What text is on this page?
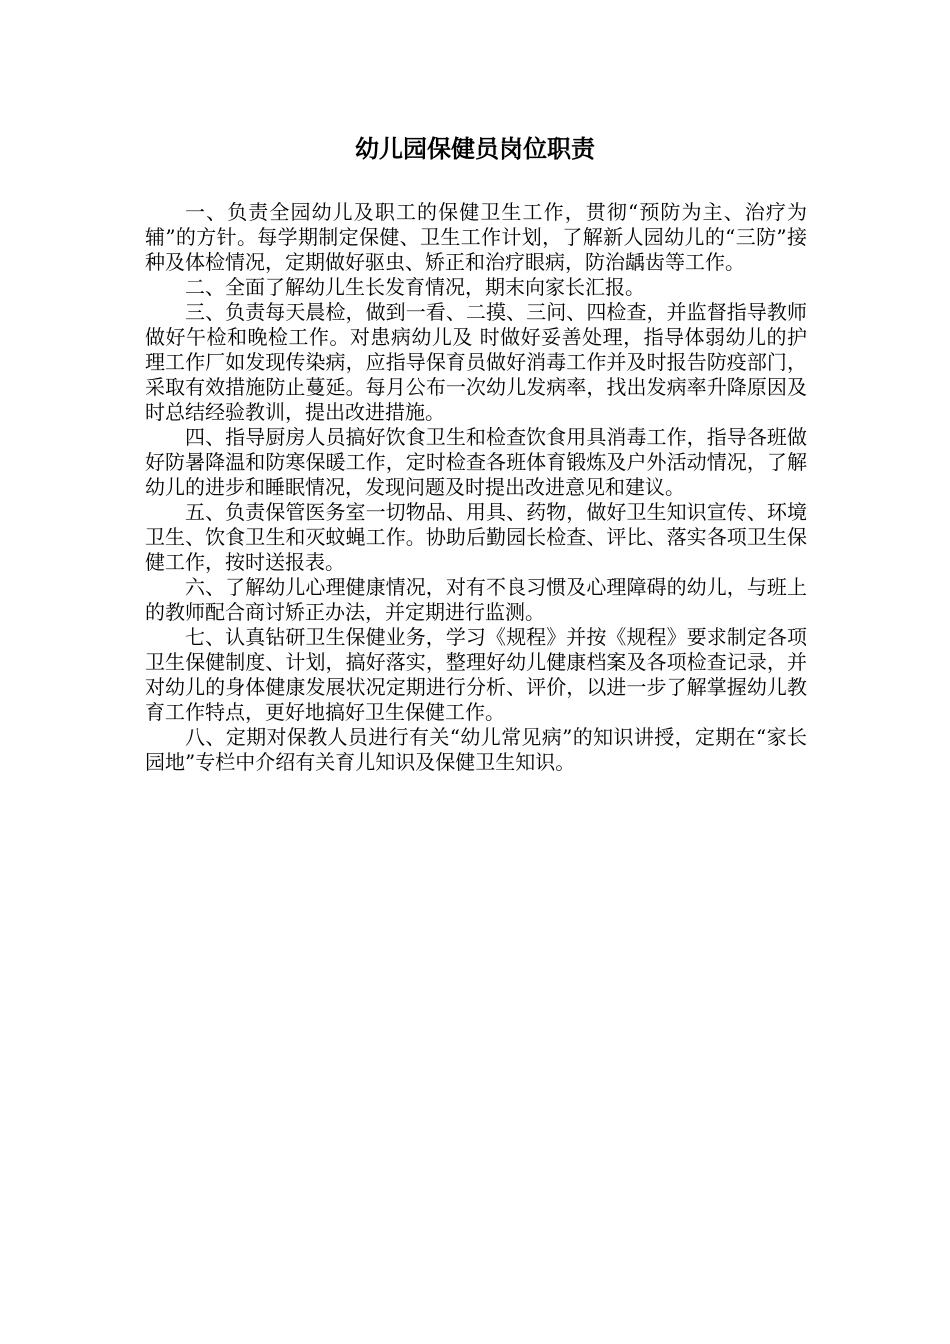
幼儿园保健员岗位职责

一、负责全园幼儿及职工的保健卫生工作，贯彻“预防为主、治疗为辅”的方针。每学期制定保健、卫生工作计划，了解新人园幼儿的“三防”接种及体检情况，定期做好驱虫、矫正和治疗眼病，防治龋齿等工作。

二、全面了解幼儿生长发育情况，期末向家长汇报。

三、负责每天晨检，做到一看、二摸、三问、四检查，并监督指导教师做好午检和晚检工作。对患病幼儿及 时做好妥善处理，指导体弱幼儿的护理工作厂如发现传染病，应指导保育员做好消毒工作并及时报告防疫部门，采取有效措施防止蔓延。每月公布一次幼儿发病率，找出发病率升降原因及时总结经验教训，提出改进措施。

四、指导厨房人员搞好饮食卫生和检查饮食用具消毒工作，指导各班做好防暑降温和防寒保暖工作，定时检查各班体育锻炼及户外活动情况，了解幼儿的进步和睡眠情况，发现问题及时提出改进意见和建议。

五、负责保管医务室一切物品、用具、药物，做好卫生知识宣传、环境卫生、饮食卫生和灭蚊蝇工作。协助后勤园长检查、评比、落实各项卫生保健工作，按时送报表。

六、了解幼儿心理健康情况，对有不良习惯及心理障碍的幼儿，与班上的教师配合商讨矫正办法，并定期进行监测。

七、认真钻研卫生保健业务，学习《规程》并按《规程》要求制定各项卫生保健制度、计划，搞好落实，整理好幼儿健康档案及各项检查记录，并对幼儿的身体健康发展状况定期进行分析、评价，以进一步了解掌握幼儿教育工作特点，更好地搞好卫生保健工作。

八、定期对保教人员进行有关“幼儿常见病”的知识讲授，定期在“家长园地”专栏中介绍有关育儿知识及保健卫生知识。
